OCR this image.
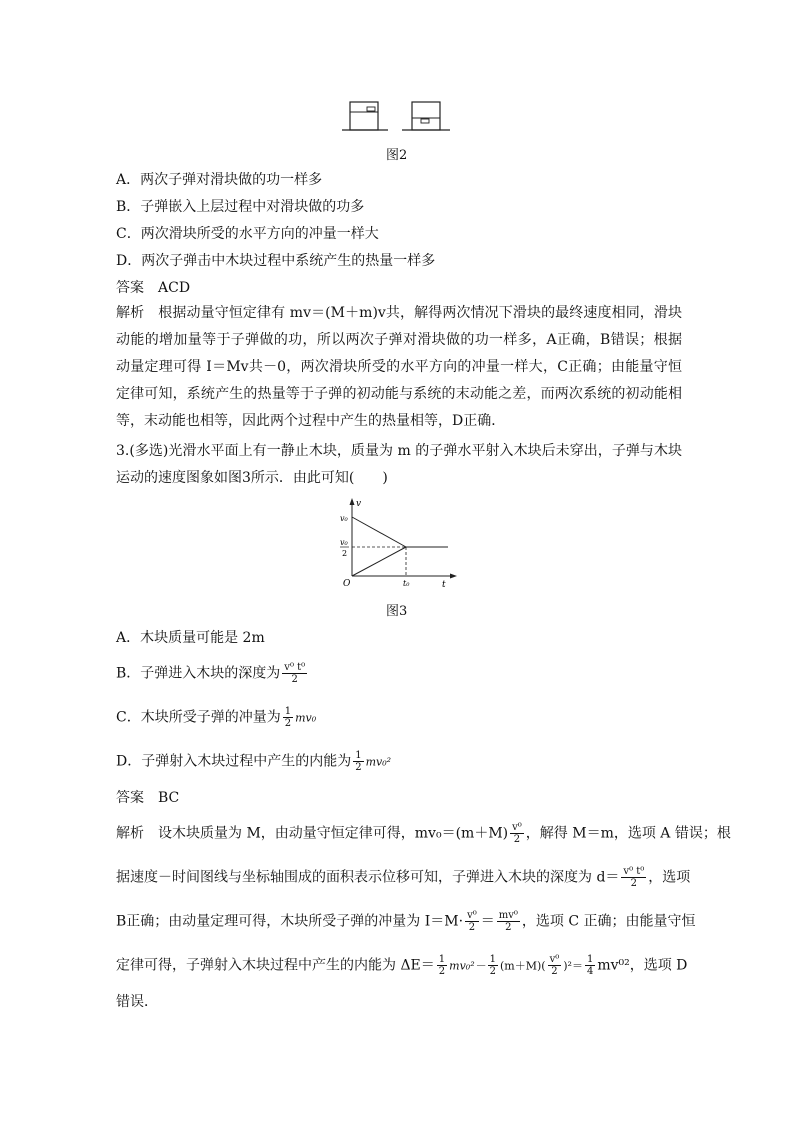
图2
A．两次子弹对滑块做的功一样多
B．子弹嵌入上层过程中对滑块做的功多
C．两次滑块所受的水平方向的冲量一样大
D．两次子弹击中木块过程中系统产生的热量一样多
答案　ACD
解析　根据动量守恒定律有 mv＝(M＋m)v共，解得两次情况下滑块的最终速度相同，滑块动能的增加量等于子弹做的功，所以两次子弹对滑块做的功一样多，A正确，B错误；根据动量定理可得 I＝Mv共－0，两次滑块所受的水平方向的冲量一样大，C正确；由能量守恒定律可知，系统产生的热量等于子弹的初动能与系统的末动能之差，而两次系统的初动能相等，末动能也相等，因此两个过程中产生的热量相等，D正确．
3.(多选)光滑水平面上有一静止木块，质量为 m 的子弹水平射入木块后未穿出，子弹与木块运动的速度图象如图3所示．由此可知(　　)
v
v₀
v₀
2
O	t₀	t
图3
A．木块质量可能是 2m
B．子弹进入木块的深度为 $\frac{\text{v⁰ t⁰}}{2}$
C．木块所受子弹的冲量为 $\frac{1}{2} mv_0$
D．子弹射入木块过程中产生的内能为 $\frac{1}{2} mv_0^2$
答案　BC
解析　设木块质量为 M，由动量守恒定律可得，$mv_0=(m+M) \frac{\text{v⁰}}{2}$ ，解得 M＝m，选项 A 错误；根
据速度－时间图线与坐标轴围成的面积表示位移可知，子弹进入木块的深度为 $d= \frac{\text{v⁰ t⁰}}{2}$ ，选项
B正确；由动量定理可得，木块所受子弹的冲量为 $I=M\cdot \frac{\text{v⁰}}{2} = \frac{\text{mv⁰}}{2}$ ，选项 C 正确；由能量守恒
定律可得，子弹射入木块过程中产生的内能为 $\Delta E= \frac{1}{2} mv_0^2- \frac{1}{2} (m+M)( \frac{\text{v⁰}}{2} )^2= \frac{1}{4} mv^{02}$，选项 D
错误．
